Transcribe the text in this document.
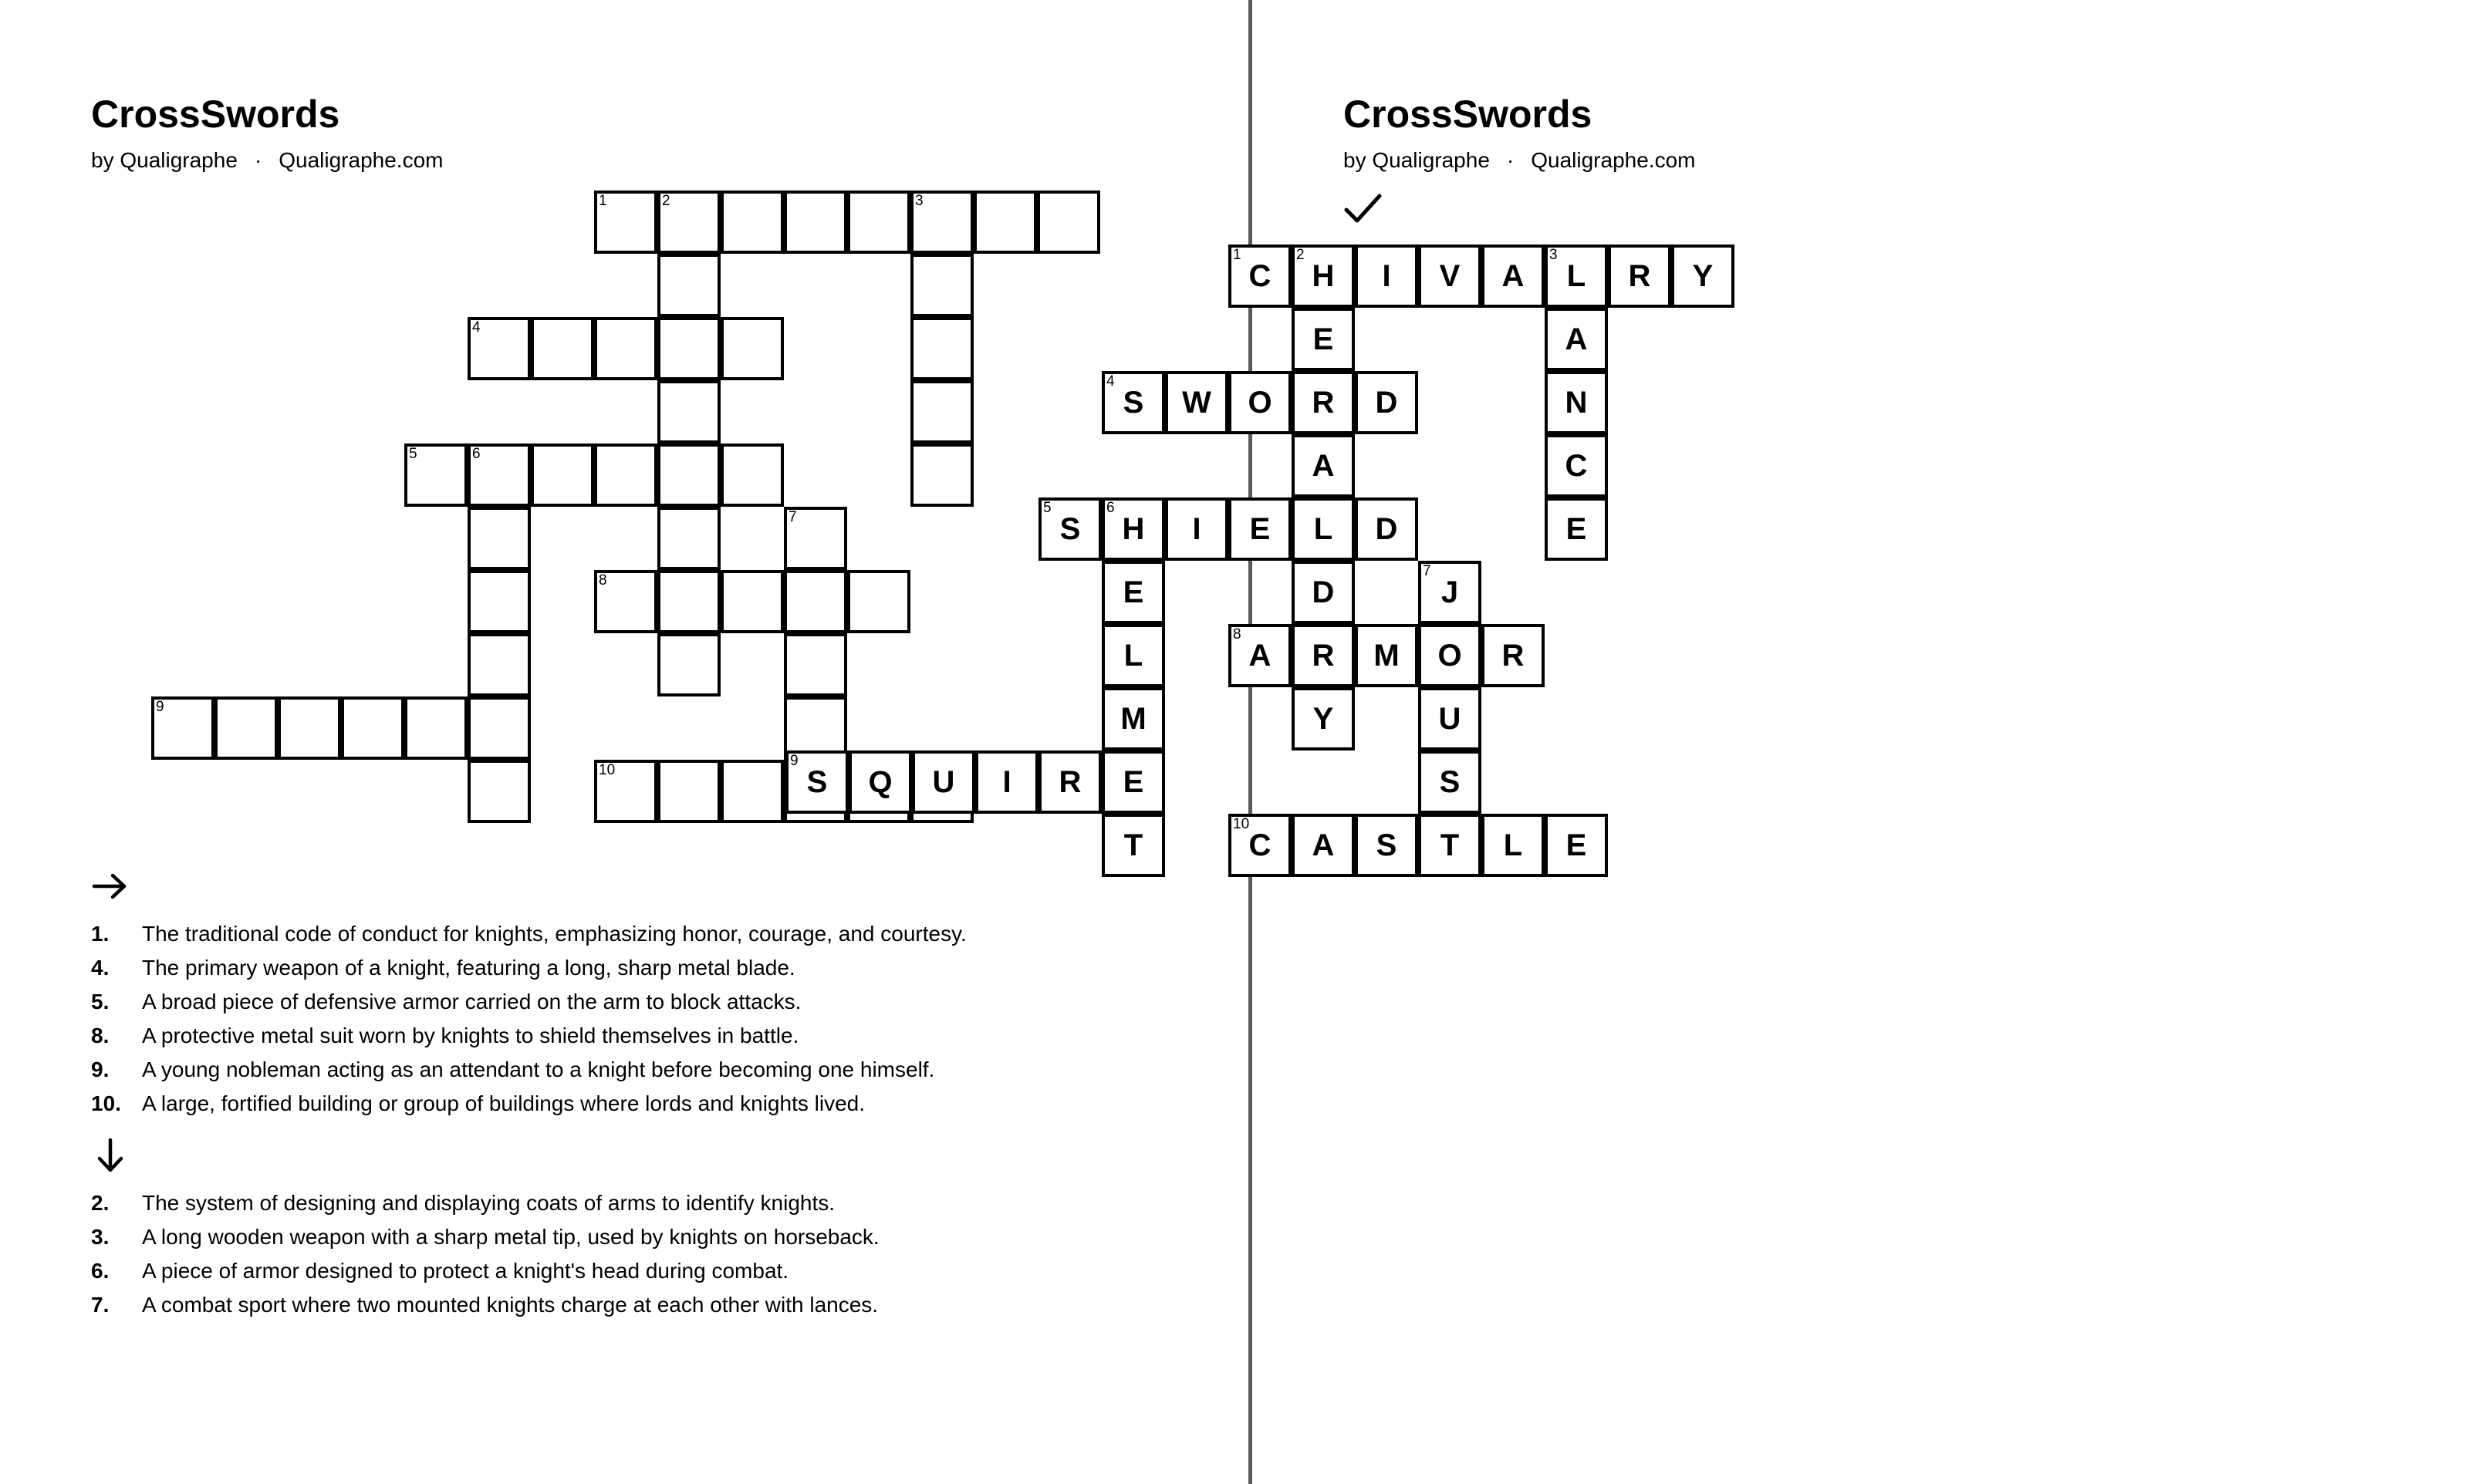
CrossSwords
by Qualigraphe · Qualigraphe.com
1	2	3
4
5	6
7
8
9
10
1. The traditional code of conduct for knights, emphasizing honor, courage, and courtesy.
4. The primary weapon of a knight, featuring a long, sharp metal blade.
5. A broad piece of defensive armor carried on the arm to block attacks.
8. A protective metal suit worn by knights to shield themselves in battle.
9. A young nobleman acting as an attendant to a knight before becoming one himself.
10. A large, fortified building or group of buildings where lords and knights lived.
2. The system of designing and displaying coats of arms to identify knights.
3. A long wooden weapon with a sharp metal tip, used by knights on horseback.
6. A piece of armor designed to protect a knight's head during combat.
7. A combat sport where two mounted knights charge at each other with lances.
CrossSwords
by Qualigraphe · Qualigraphe.com
1
C
2
H	I	V	A
3
L	R	Y
E	A
4
S	W	O	R	D	N
A	C
5
S
6
H	I	E	L	D	E
E	D
7
J
L
8
A	R	M	O	R
M	Y	U
9
S	Q	U	I	R	E	S
T
10
C	A	S	T	L	E
